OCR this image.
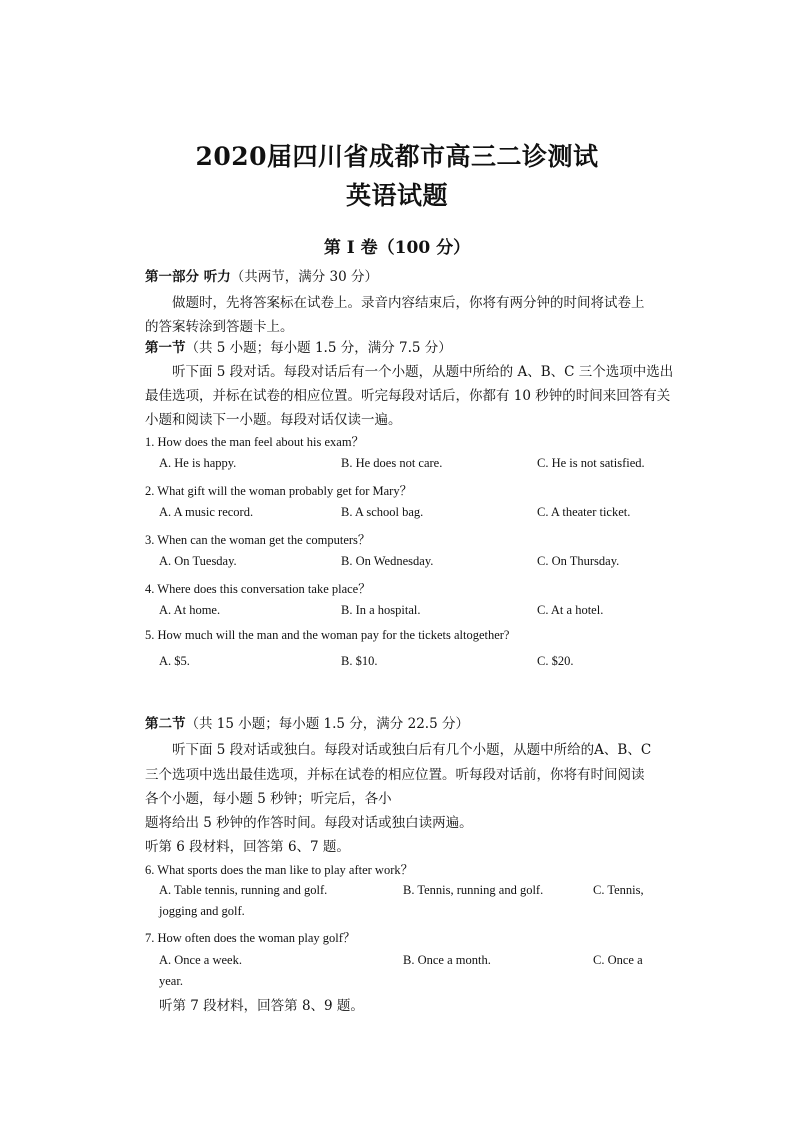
2020届四川省成都市高三二诊测试
英语试题
第 I 卷（100 分）
第一部分 听力（共两节，满分 30 分）
做题时，先将答案标在试卷上。录音内容结束后，你将有两分钟的时间将试卷上
的答案转涂到答题卡上。
第一节（共 5 小题；每小题 1.5 分，满分 7.5 分）
听下面 5 段对话。每段对话后有一个小题，从题中所给的 A、B、C 三个选项中选出
最佳选项，并标在试卷的相应位置。听完每段对话后，你都有 10 秒钟的时间来回答有关
小题和阅读下一小题。每段对话仅读一遍。
1. How does the man feel about his exam？
A. He is happy.	B. He does not care.	C. He is not satisfied.
2. What gift will the woman probably get for Mary？
A. A music record.	B. A school bag.	C. A theater ticket.
3. When can the woman get the computers？
A. On Tuesday.	B. On Wednesday.	C. On Thursday.
4. Where does this conversation take place？
A. At home.	B. In a hospital.	C. At a hotel.
5. How much will the man and the woman pay for the tickets altogether?
A. $5.	B. $10.	C. $20.
第二节（共 15 小题；每小题 1.5 分，满分 22.5 分）
听下面 5 段对话或独白。每段对话或独白后有几个小题，从题中所给的A、B、C
三个选项中选出最佳选项，并标在试卷的相应位置。听每段对话前，你将有时间阅读
各个小题，每小题 5 秒钟；听完后，各小
题将给出 5 秒钟的作答时间。每段对话或独白读两遍。
听第 6 段材料，回答第 6、7 题。
6. What sports does the man like to play after work？
A. Table tennis, running and golf.	B. Tennis, running and golf.	C. Tennis,
jogging and golf.
7. How often does the woman play golf？
A. Once a week.	B. Once a month.	C. Once a
year.
听第 7 段材料，回答第 8、9 题。
